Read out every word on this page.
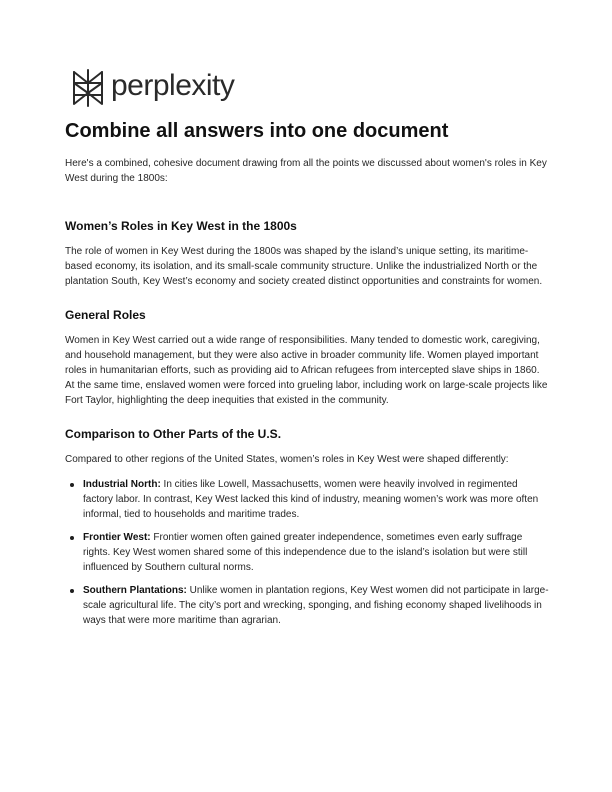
perplexity
Combine all answers into one document

Here's a combined, cohesive document drawing from all the points we discussed about women's roles in Key West during the 1800s:

Women’s Roles in Key West in the 1800s

The role of women in Key West during the 1800s was shaped by the island’s unique setting, its maritime-based economy, its isolation, and its small-scale community structure. Unlike the industrialized North or the plantation South, Key West’s economy and society created distinct opportunities and constraints for women.

General Roles

Women in Key West carried out a wide range of responsibilities. Many tended to domestic work, caregiving, and household management, but they were also active in broader community life. Women played important roles in humanitarian efforts, such as providing aid to African refugees from intercepted slave ships in 1860. At the same time, enslaved women were forced into grueling labor, including work on large-scale projects like Fort Taylor, highlighting the deep inequities that existed in the community.

Comparison to Other Parts of the U.S.

Compared to other regions of the United States, women’s roles in Key West were shaped differently:

Industrial North: In cities like Lowell, Massachusetts, women were heavily involved in regimented factory labor. In contrast, Key West lacked this kind of industry, meaning women’s work was more often informal, tied to households and maritime trades.
Frontier West: Frontier women often gained greater independence, sometimes even early suffrage rights. Key West women shared some of this independence due to the island’s isolation but were still influenced by Southern cultural norms.
Southern Plantations: Unlike women in plantation regions, Key West women did not participate in large-scale agricultural life. The city’s port and wrecking, sponging, and fishing economy shaped livelihoods in ways that were more maritime than agrarian.
